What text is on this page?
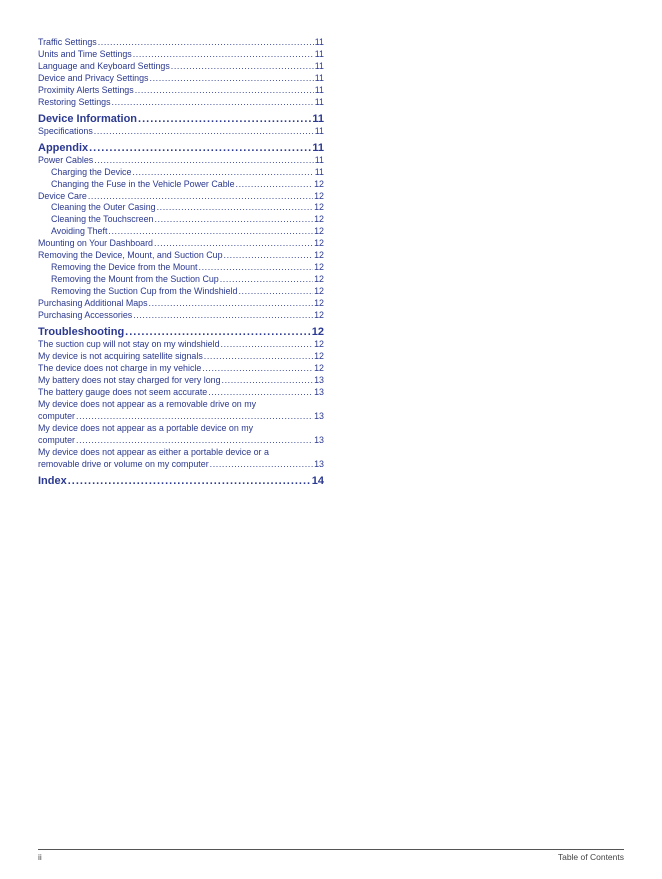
Traffic Settings .....	11
Units and Time Settings .....	11
Language and Keyboard Settings .....	11
Device and Privacy Settings .....	11
Proximity Alerts Settings .....	11
Restoring Settings .....	11
Device Information .....	11
Specifications .....	11
Appendix .....	11
Power Cables .....	11
Charging the Device .....	11
Changing the Fuse in the Vehicle Power Cable .....	12
Device Care .....	12
Cleaning the Outer Casing .....	12
Cleaning the Touchscreen .....	12
Avoiding Theft .....	12
Mounting on Your Dashboard .....	12
Removing the Device, Mount, and Suction Cup .....	12
Removing the Device from the Mount .....	12
Removing the Mount from the Suction Cup .....	12
Removing the Suction Cup from the Windshield .....	12
Purchasing Additional Maps .....	12
Purchasing Accessories .....	12
Troubleshooting .....	12
The suction cup will not stay on my windshield .....	12
My device is not acquiring satellite signals .....	12
The device does not charge in my vehicle .....	12
My battery does not stay charged for very long .....	13
The battery gauge does not seem accurate .....	13
My device does not appear as a removable drive on my
computer .....	13
My device does not appear as a portable device on my
computer .....	13
My device does not appear as either a portable device or a
removable drive or volume on my computer .....	13
Index .....	14
ii	Table of Contents
